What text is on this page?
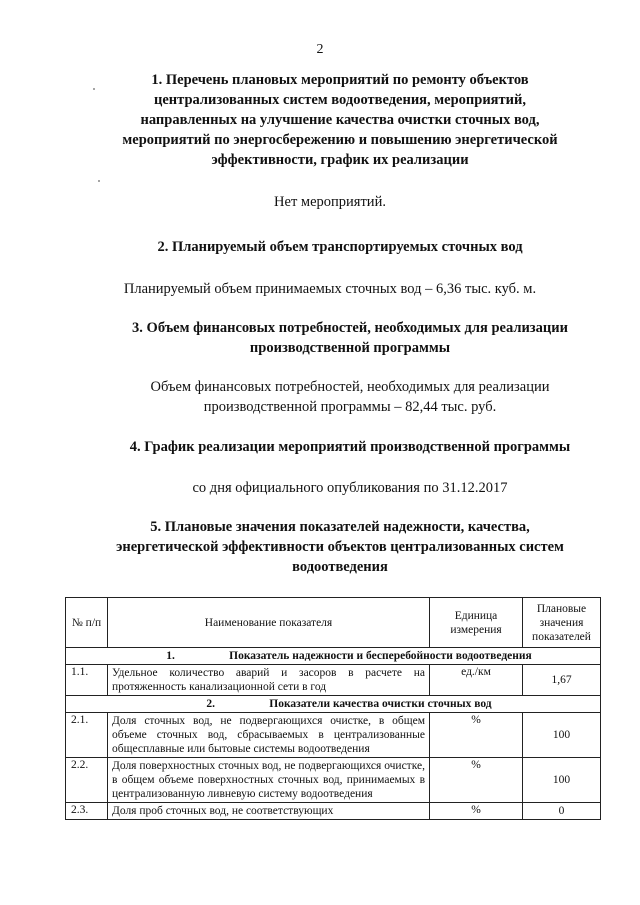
2
1. Перечень плановых мероприятий по ремонту объектов
централизованных систем водоотведения, мероприятий,
направленных на улучшение качества очистки сточных вод,
мероприятий по энергосбережению и повышению энергетической
эффективности, график их реализации
Нет мероприятий.
2. Планируемый объем транспортируемых сточных вод
Планируемый объем принимаемых сточных вод – 6,36 тыс. куб. м.
3. Объем финансовых потребностей, необходимых для реализации
производственной программы
Объем финансовых потребностей, необходимых для реализации
производственной программы – 82,44 тыс. руб.
4. График реализации мероприятий производственной программы
со дня официального опубликования по 31.12.2017
5. Плановые значения показателей надежности, качества,
энергетической эффективности объектов централизованных систем
водоотведения
№ п/п	Наименование показателя	Единица измерения	Плановые значения показателей
1. Показатель надежности и бесперебойности водоотведения			
1.1.	Удельное количество аварий и засоров в расчете на протяженность канализационной сети в год	ед./км	1,67
2. Показатели качества очистки сточных вод			
2.1.	Доля сточных вод, не подвергающихся очистке, в общем объеме сточных вод, сбрасываемых в централизованные общесплавные или бытовые системы водоотведения	%	100
2.2.	Доля поверхностных сточных вод, не подвергающихся очистке, в общем объеме поверхностных сточных вод, принимаемых в централизованную ливневую систему водоотведения	%	100
2.3.	Доля проб сточных вод, не соответствующих	%	0
